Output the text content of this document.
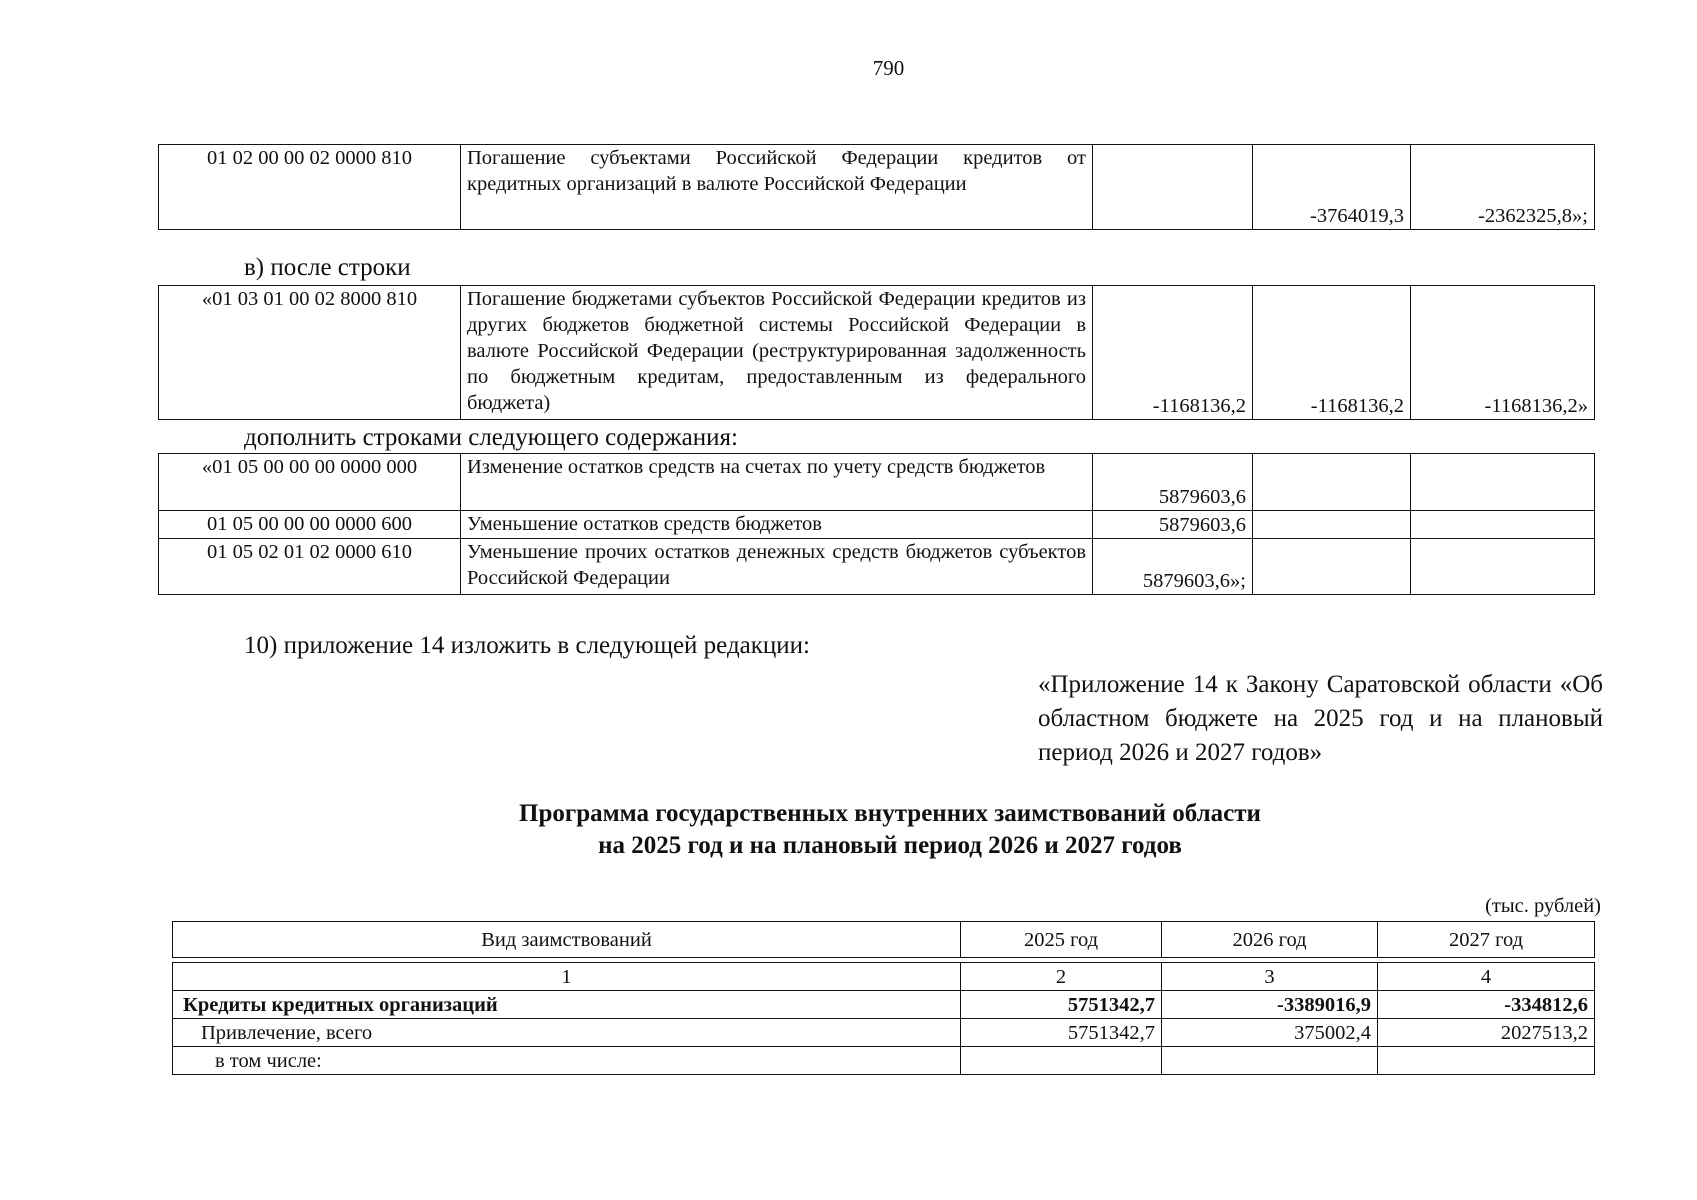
790
01 02 00 00 02 0000 810	Погашение субъектами Российской Федерации кредитов от кредитных организаций в валюте Российской Федерации		-3764019,3	-2362325,8»;
в) после строки
«01 03 01 00 02 8000 810	Погашение бюджетами субъектов Российской Федерации кредитов из других бюджетов бюджетной системы Российской Федерации в валюте Российской Федерации (реструктурированная задолженность по бюджетным кредитам, предоставленным из федерального бюджета)	-1168136,2	-1168136,2	-1168136,2»
дополнить строками следующего содержания:
«01 05 00 00 00 0000 000	Изменение остатков средств на счетах по учету средств бюджетов	5879603,6		
01 05 00 00 00 0000 600	Уменьшение остатков средств бюджетов	5879603,6		
01 05 02 01 02 0000 610	Уменьшение прочих остатков денежных средств бюджетов субъектов Российской Федерации	5879603,6»;		
10) приложение 14 изложить в следующей редакции:
«Приложение 14 к Закону Саратовской области «Об областном бюджете на 2025 год и на плановый период 2026 и 2027 годов»
Программа государственных внутренних заимствований области
на 2025 год и на плановый период 2026 и 2027 годов
(тыс. рублей)
Вид заимствований	2025 год	2026 год	2027 год
1	2	3	4
Кредиты кредитных организаций	5751342,7	-3389016,9	-334812,6
Привлечение, всего	5751342,7	375002,4	2027513,2
в том числе:			
